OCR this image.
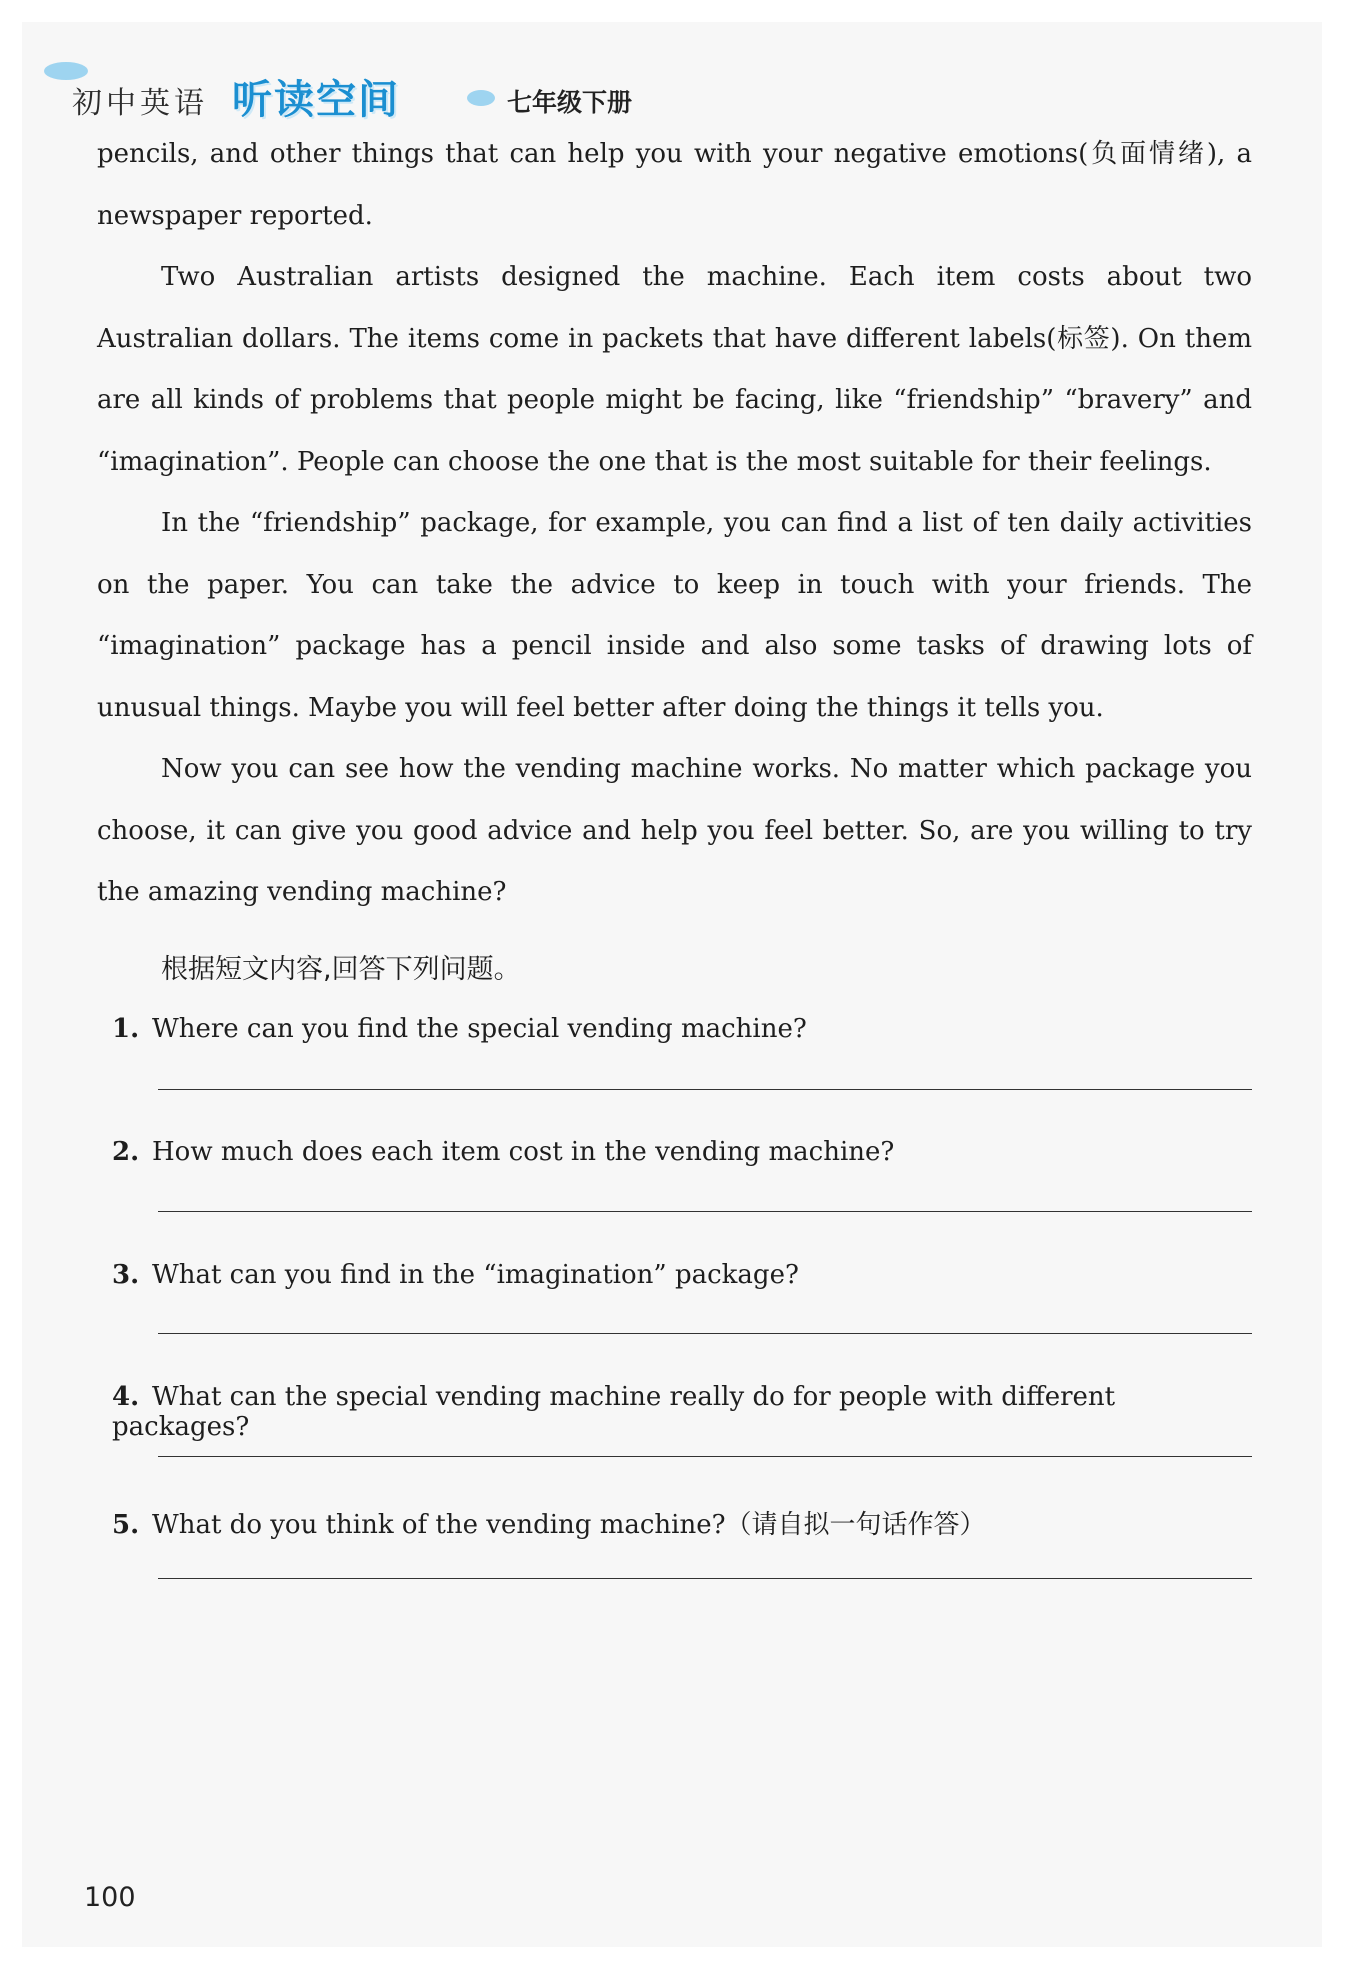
初中英语 听读空间	七年级下册

pencils, and other things that can help you with your negative emotions(负面情绪), a newspaper reported.

Two Australian artists designed the machine. Each item costs about two Australian dollars. The items come in packets that have different labels(标签). On them are all kinds of problems that people might be facing, like “friendship” “bravery” and “imagination”. People can choose the one that is the most suitable for their feelings.

In the “friendship” package, for example, you can find a list of ten daily activities on the paper. You can take the advice to keep in touch with your friends. The “imagination” package has a pencil inside and also some tasks of drawing lots of unusual things. Maybe you will feel better after doing the things it tells you.

Now you can see how the vending machine works. No matter which package you choose, it can give you good advice and help you feel better. So, are you willing to try the amazing vending machine?

根据短文内容,回答下列问题。
1. Where can you find the special vending machine?
2. How much does each item cost in the vending machine?
3. What can you find in the “imagination” package?
4. What can the special vending machine really do for people with different packages?
5. What do you think of the vending machine?（请自拟一句话作答）
100
